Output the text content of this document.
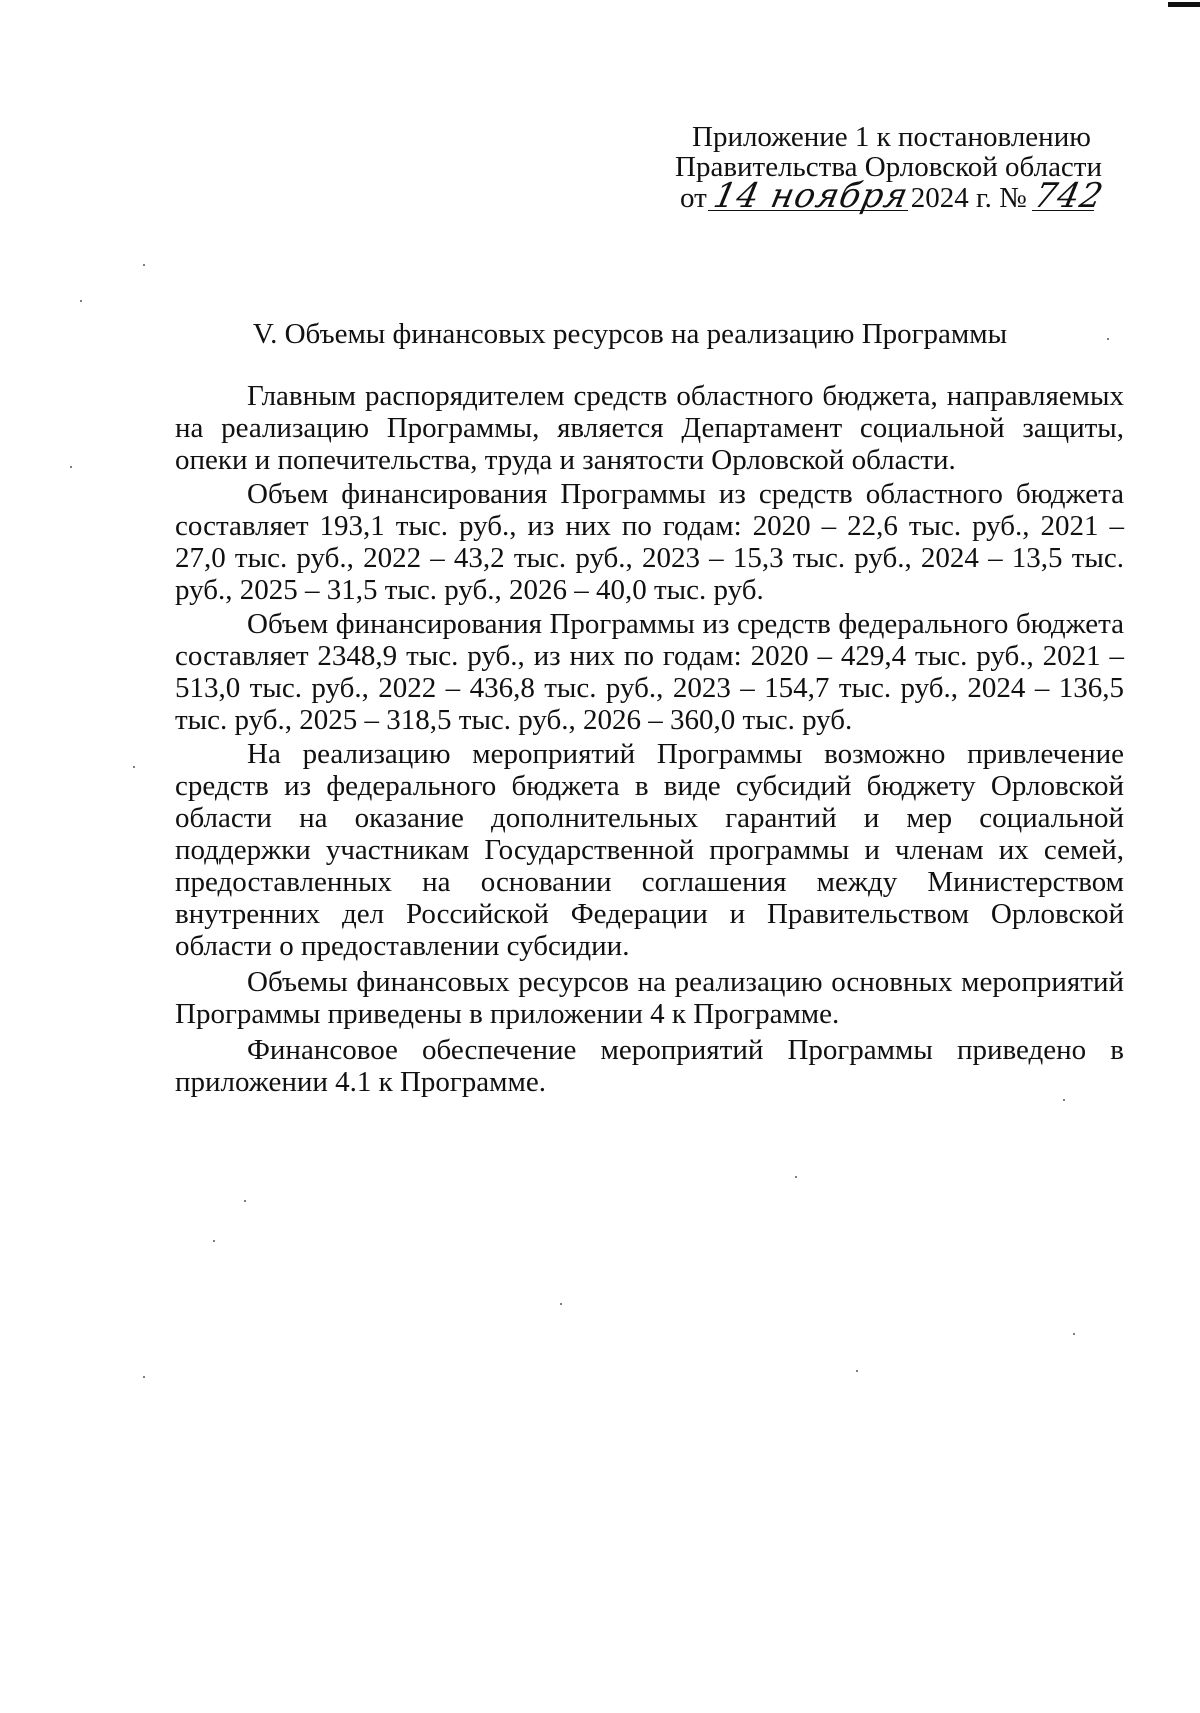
Приложение 1 к постановлению
Правительства Орловской области
от14 ноября2024 г. № 742
V. Объемы финансовых ресурсов на реализацию Программы

Главным распорядителем средств областного бюджета, направляемых на реализацию Программы, является Департамент социальной защиты, опеки и попечительства, труда и занятости Орловской области.

Объем финансирования Программы из средств областного бюджета составляет 193,1 тыс. руб., из них по годам: 2020 – 22,6 тыс. руб., 2021 – 27,0 тыс. руб., 2022 – 43,2 тыс. руб., 2023 – 15,3 тыс. руб., 2024 – 13,5 тыс. руб., 2025 – 31,5 тыс. руб., 2026 – 40,0 тыс. руб.

Объем финансирования Программы из средств федерального бюджета составляет 2348,9 тыс. руб., из них по годам: 2020 – 429,4 тыс. руб., 2021 – 513,0 тыс. руб., 2022 – 436,8 тыс. руб., 2023 – 154,7 тыс. руб., 2024 – 136,5 тыс. руб., 2025 – 318,5 тыс. руб., 2026 – 360,0 тыс. руб.

На реализацию мероприятий Программы возможно привлечение средств из федерального бюджета в виде субсидий бюджету Орловской области на оказание дополнительных гарантий и мер социальной поддержки участникам Государственной программы и членам их семей, предоставленных на основании соглашения между Министерством внутренних дел Российской Федерации и Правительством Орловской области о предоставлении субсидии.

Объемы финансовых ресурсов на реализацию основных мероприятий Программы приведены в приложении 4 к Программе.

Финансовое обеспечение мероприятий Программы приведено в приложении 4.1 к Программе.
